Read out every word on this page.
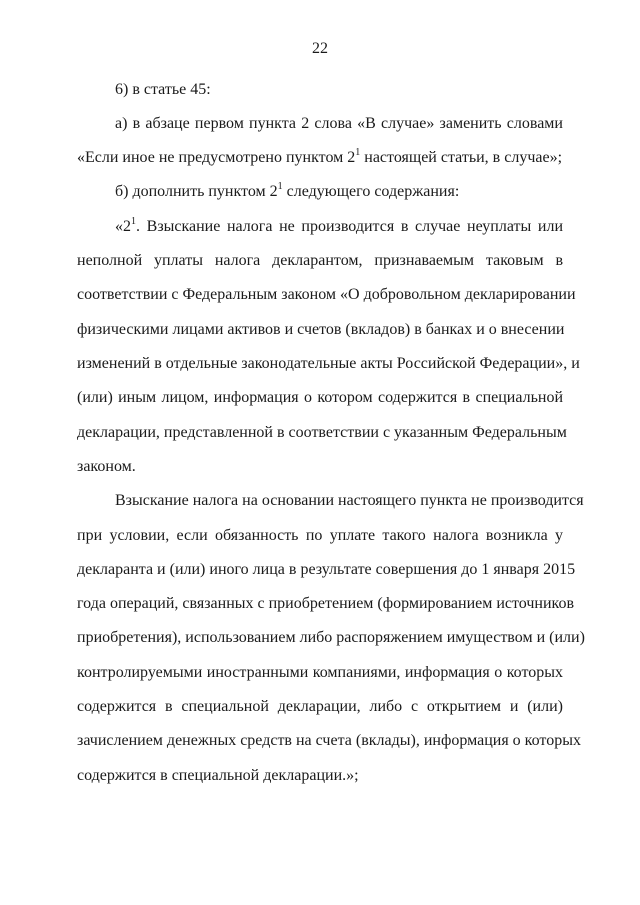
22
6) в статье 45:
а) в абзаце первом пункта 2 слова «В случае» заменить словами
«Если иное не предусмотрено пунктом $2^1$ настоящей статьи, в случае»;
б) дополнить пунктом $2^1$ следующего содержания:
«$2^1$. Взыскание налога не производится в случае неуплаты или
неполной уплаты налога декларантом, признаваемым таковым в
соответствии с Федеральным законом «О добровольном декларировании
физическими лицами активов и счетов (вкладов) в банках и о внесении
изменений в отдельные законодательные акты Российской Федерации», и
(или) иным лицом, информация о котором содержится в специальной
декларации, представленной в соответствии с указанным Федеральным
законом.
Взыскание налога на основании настоящего пункта не производится
при условии, если обязанность по уплате такого налога возникла у
декларанта и (или) иного лица в результате совершения до 1 января 2015
года операций, связанных с приобретением (формированием источников
приобретения), использованием либо распоряжением имуществом и (или)
контролируемыми иностранными компаниями, информация о которых
содержится в специальной декларации, либо с открытием и (или)
зачислением денежных средств на счета (вклады), информация о которых
содержится в специальной декларации.»;
